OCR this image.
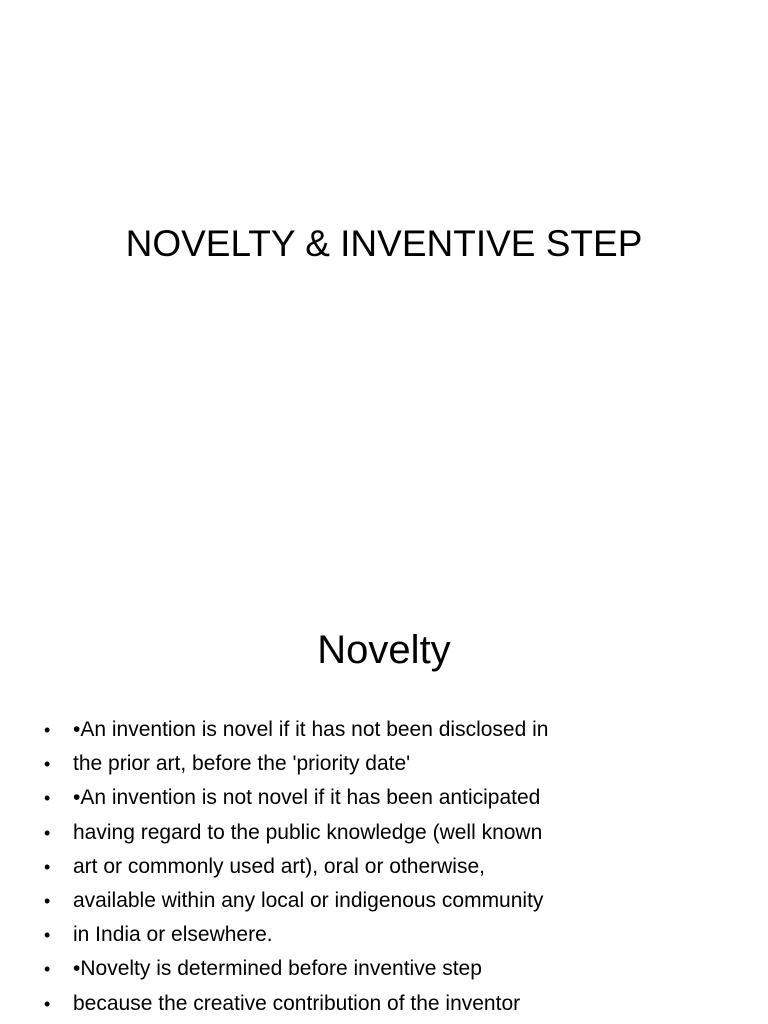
NOVELTY & INVENTIVE STEP
Novelty
• •An invention is novel if it has not been disclosed in
• the prior art, before the 'priority date'
• •An invention is not novel if it has been anticipated
• having regard to the public knowledge (well known
• art or commonly used art), oral or otherwise,
• available within any local or indigenous community
• in India or elsewhere.
• •Novelty is determined before inventive step
• because the creative contribution of the inventor
